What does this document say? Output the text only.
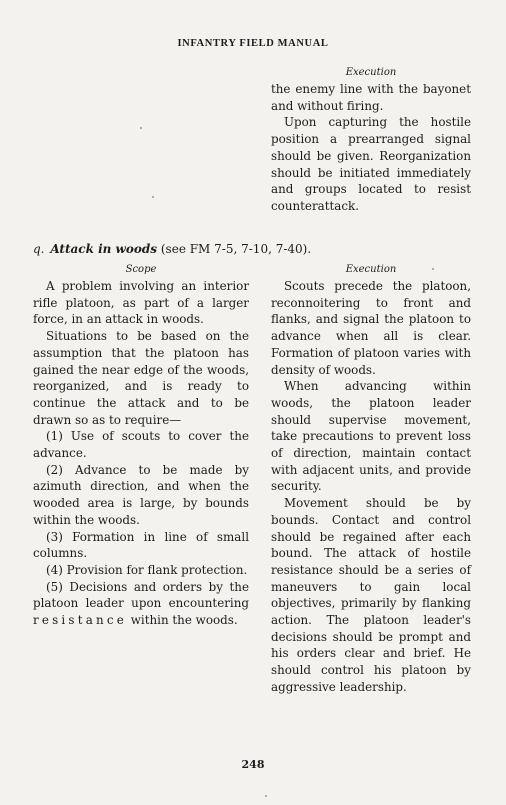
INFANTRY FIELD MANUAL
Execution

the enemy line with the bayonet and without firing.

Upon capturing the hostile position a prearranged signal should be given. Reorganization should be initiated immediately and groups located to resist counterattack.

q. Attack in woods (see FM 7-5, 7-10, 7-40).
Scope

A problem involving an interior rifle platoon, as part of a larger force, in an attack in woods.

Situations to be based on the assumption that the platoon has gained the near edge of the woods, reorganized, and is ready to continue the attack and to be drawn so as to require—

(1) Use of scouts to cover the advance.

(2) Advance to be made by azimuth direction, and when the wooded area is large, by bounds within the woods.

(3) Formation in line of small columns.

(4) Provision for flank protection.

(5) Decisions and orders by the platoon leader upon encountering resistance within the woods.

Execution

Scouts precede the platoon, reconnoitering to front and flanks, and signal the platoon to advance when all is clear. Formation of platoon varies with density of woods.

When advancing within woods, the platoon leader should supervise movement, take precautions to prevent loss of direction, maintain contact with adjacent units, and provide security.

Movement should be by bounds. Contact and control should be regained after each bound. The attack of hostile resistance should be a series of maneuvers to gain local objectives, primarily by flanking action. The platoon leader's decisions should be prompt and his orders clear and brief. He should control his platoon by aggressive leadership.

248
